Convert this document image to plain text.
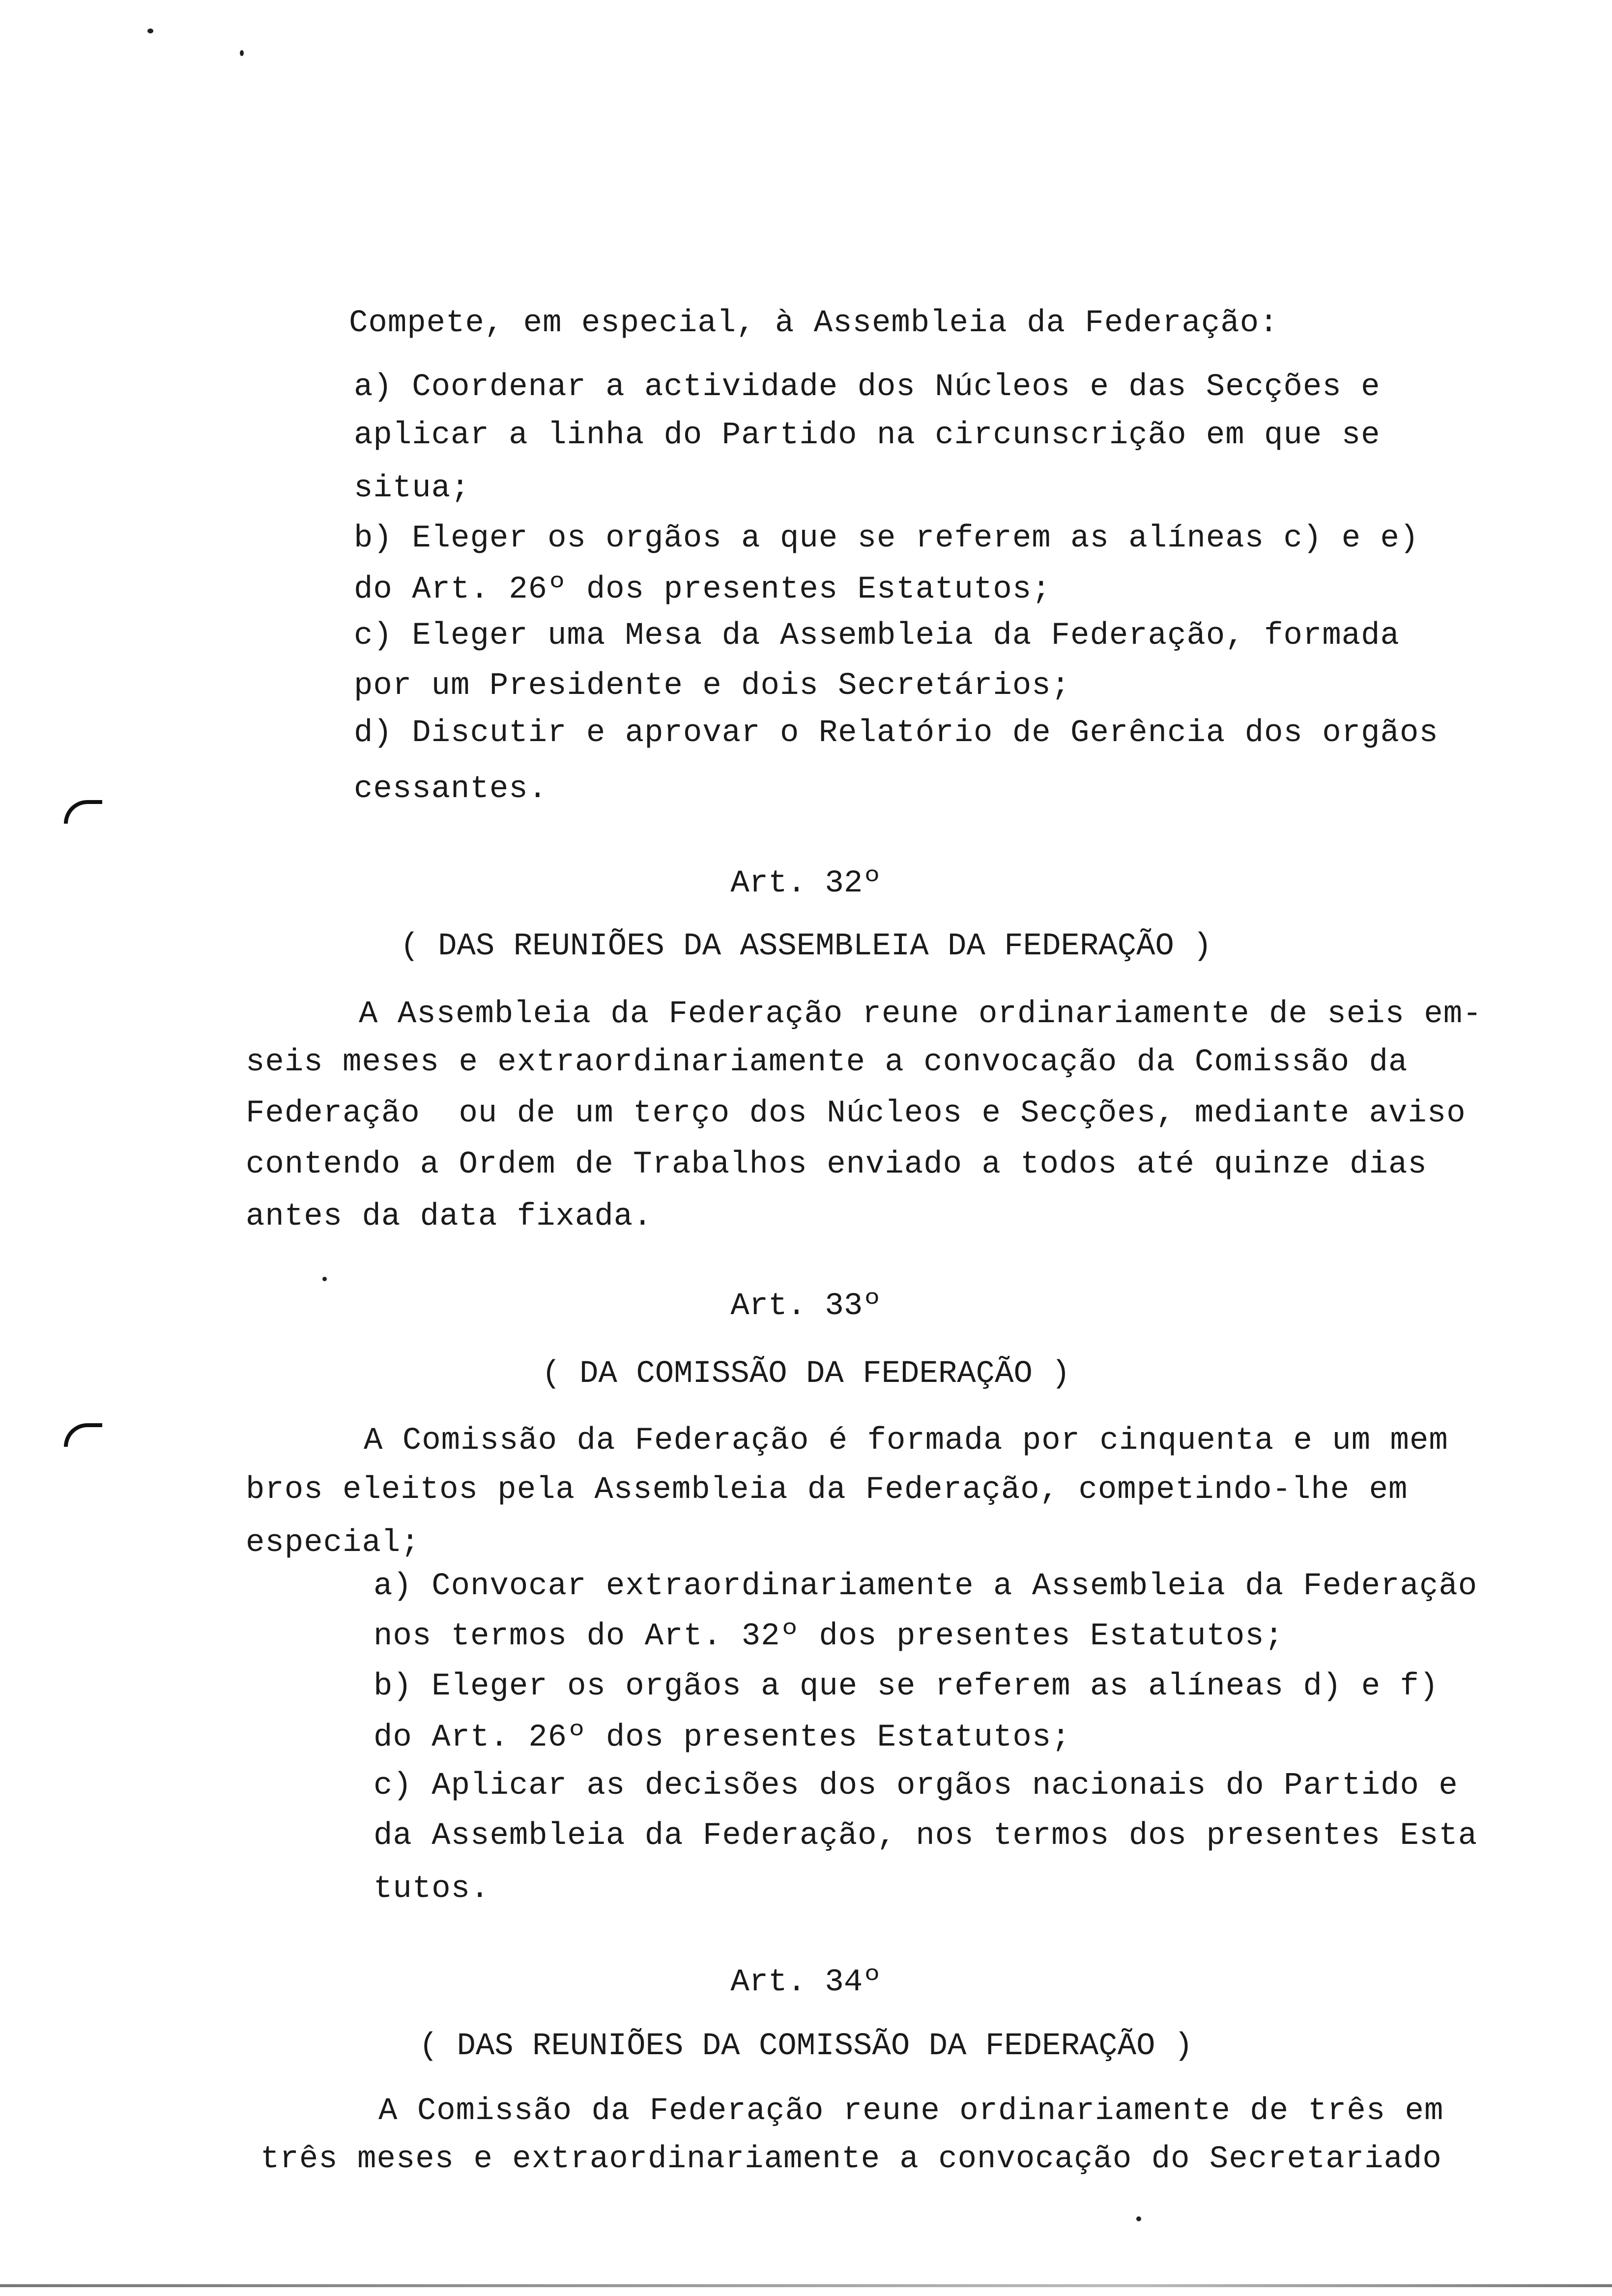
Compete, em especial, à Assembleia da Federação:
a) Coordenar a actividade dos Núcleos e das Secções e
aplicar a linha do Partido na circunscrição em que se
situa;
b) Eleger os orgãos a que se referem as alíneas c) e e)
do Art. 26º dos presentes Estatutos;
c) Eleger uma Mesa da Assembleia da Federação, formada
por um Presidente e dois Secretários;
d) Discutir e aprovar o Relatório de Gerência dos orgãos
cessantes.
Art. 32º
( DAS REUNIÕES DA ASSEMBLEIA DA FEDERAÇÃO )
A Assembleia da Federação reune ordinariamente de seis em-
seis meses e extraordinariamente a convocação da Comissão da
Federação  ou de um terço dos Núcleos e Secções, mediante aviso
contendo a Ordem de Trabalhos enviado a todos até quinze dias
antes da data fixada.
Art. 33º
( DA COMISSÃO DA FEDERAÇÃO )
A Comissão da Federação é formada por cinquenta e um mem
bros eleitos pela Assembleia da Federação, competindo-lhe em
especial;
a) Convocar extraordinariamente a Assembleia da Federação
nos termos do Art. 32º dos presentes Estatutos;
b) Eleger os orgãos a que se referem as alíneas d) e f)
do Art. 26º dos presentes Estatutos;
c) Aplicar as decisões dos orgãos nacionais do Partido e
da Assembleia da Federação, nos termos dos presentes Esta
tutos.
Art. 34º
( DAS REUNIÕES DA COMISSÃO DA FEDERAÇÃO )
A Comissão da Federação reune ordinariamente de três em
três meses e extraordinariamente a convocação do Secretariado
